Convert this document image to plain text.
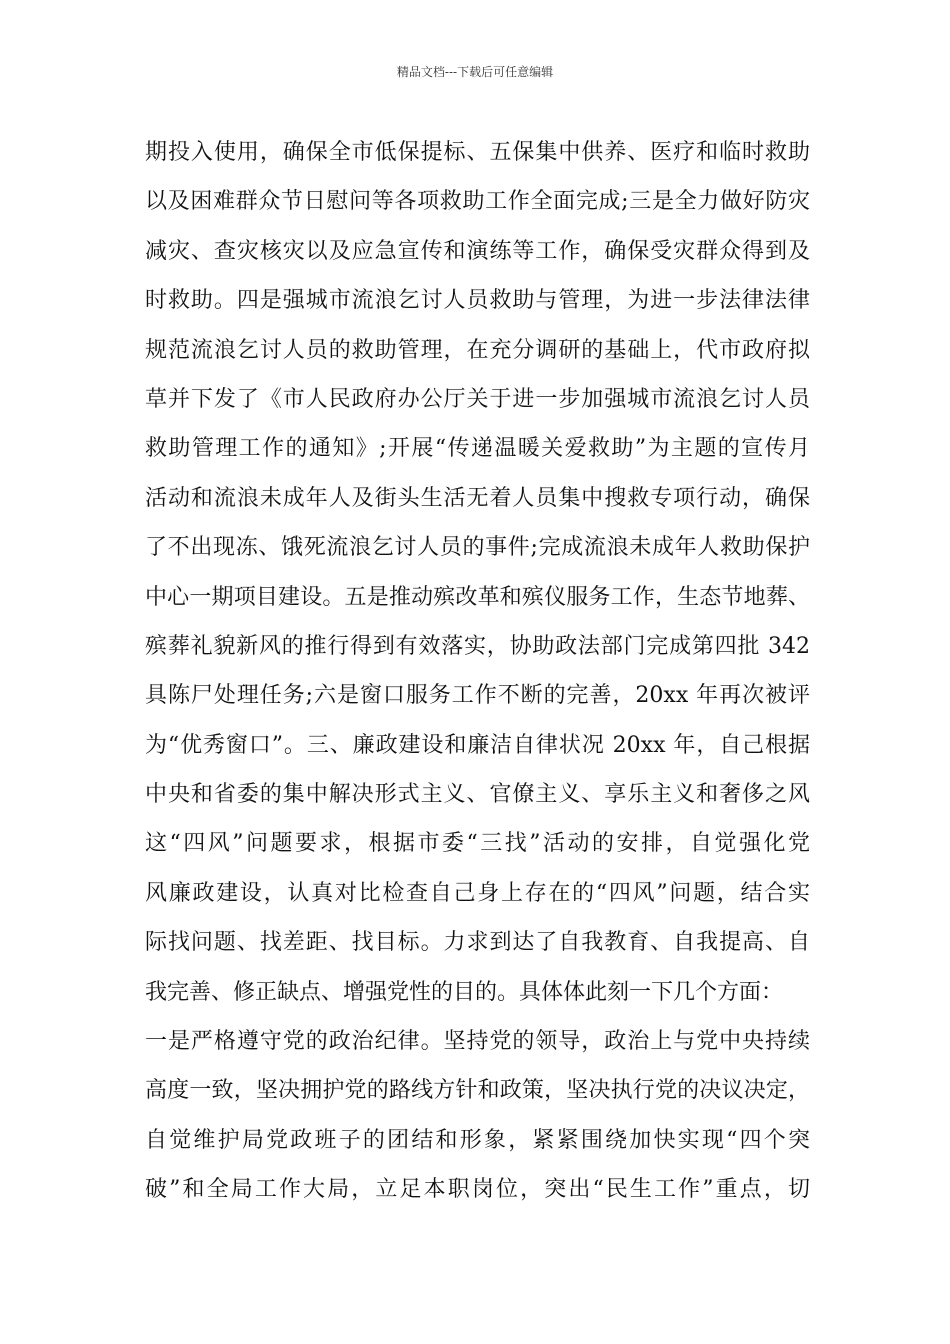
精品文档---下载后可任意编辑
期投入使用，确保全市低保提标、五保集中供养、医疗和临时救助
以及困难群众节日慰问等各项救助工作全面完成;三是全力做好防灾
减灾、查灾核灾以及应急宣传和演练等工作，确保受灾群众得到及
时救助。四是强城市流浪乞讨人员救助与管理，为进一步法律法律
规范流浪乞讨人员的救助管理，在充分调研的基础上，代市政府拟
草并下发了《市人民政府办公厅关于进一步加强城市流浪乞讨人员
救助管理工作的通知》;开展“传递温暖关爱救助”为主题的宣传月
活动和流浪未成年人及街头生活无着人员集中搜救专项行动，确保
了不出现冻、饿死流浪乞讨人员的事件;完成流浪未成年人救助保护
中心一期项目建设。五是推动殡改革和殡仪服务工作，生态节地葬、
殡葬礼貌新风的推行得到有效落实，协助政法部门完成第四批 342
具陈尸处理任务;六是窗口服务工作不断的完善，20xx 年再次被评
为“优秀窗口”。三、廉政建设和廉洁自律状况 20xx 年，自己根据
中央和省委的集中解决形式主义、官僚主义、享乐主义和奢侈之风
这“四风”问题要求，根据市委“三找”活动的安排，自觉强化党
风廉政建设，认真对比检查自己身上存在的“四风”问题，结合实
际找问题、找差距、找目标。力求到达了自我教育、自我提高、自
我完善、修正缺点、增强党性的目的。具体体此刻一下几个方面：
一是严格遵守党的政治纪律。坚持党的领导，政治上与党中央持续
高度一致，坚决拥护党的路线方针和政策，坚决执行党的决议决定，
自觉维护局党政班子的团结和形象，紧紧围绕加快实现“四个突
破”和全局工作大局，立足本职岗位，突出“民生工作”重点，切
